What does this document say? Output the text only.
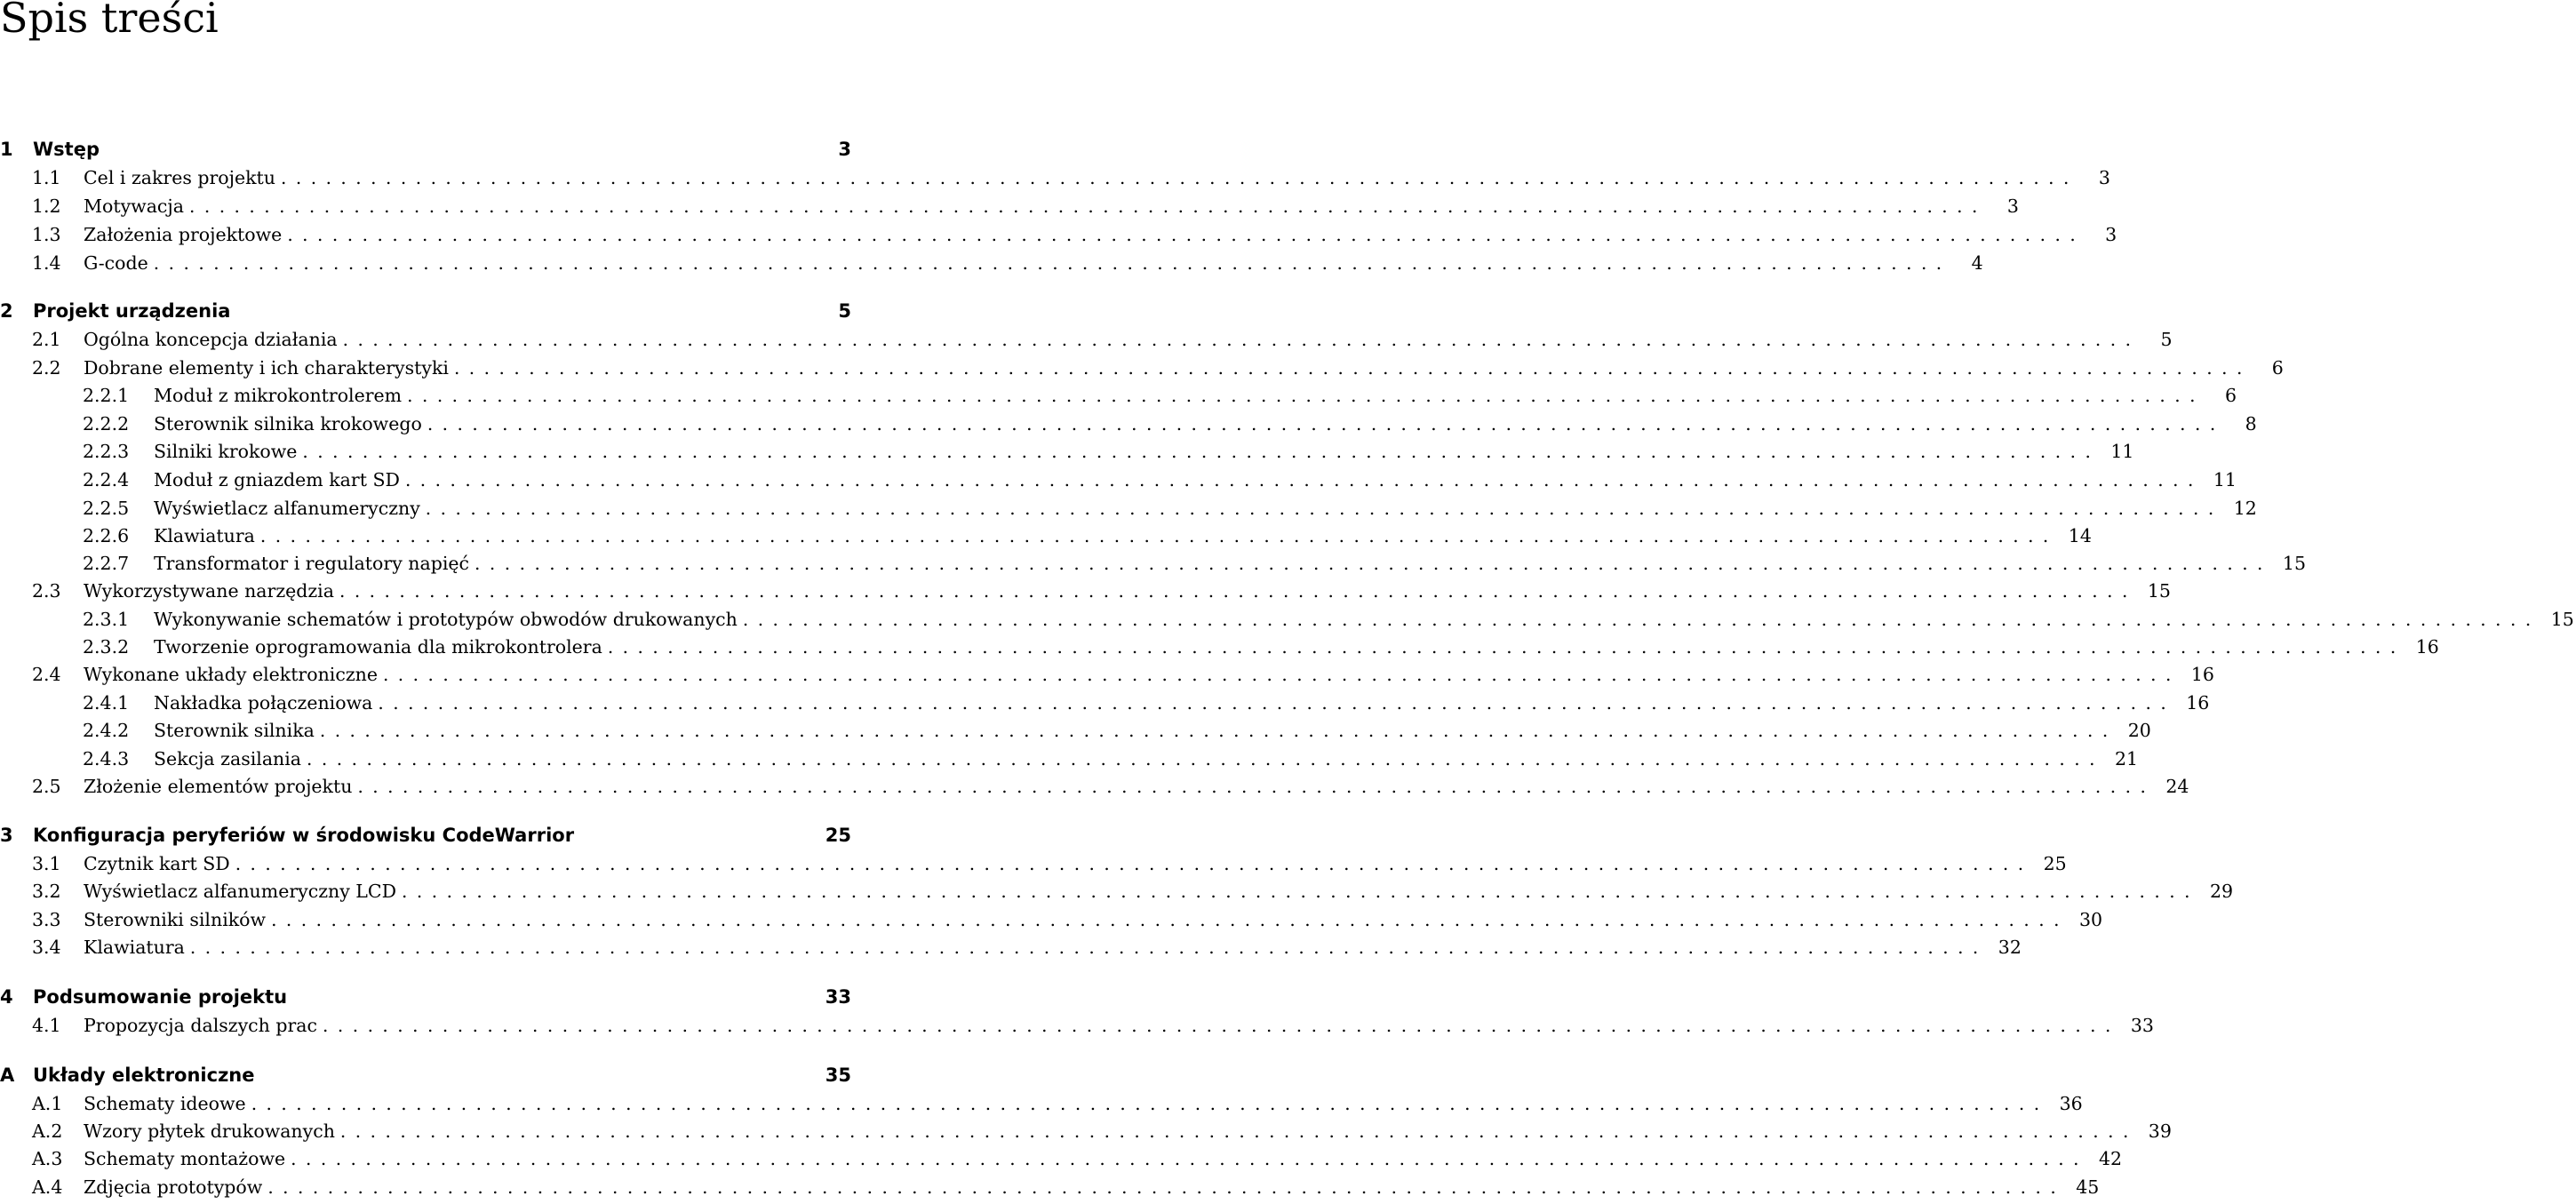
Spis treści
1	Wstęp	3
1.1	Cel i zakres projektu ........................................................................................................................	3
1.2	Motywacja ........................................................................................................................	3
1.3	Założenia projektowe ........................................................................................................................	3
1.4	G-code ........................................................................................................................	4
2	Projekt urządzenia	5
2.1	Ogólna koncepcja działania ........................................................................................................................	5
2.2	Dobrane elementy i ich charakterystyki ........................................................................................................................	6
2.2.1	Moduł z mikrokontrolerem ........................................................................................................................	6
2.2.2	Sterownik silnika krokowego ........................................................................................................................	8
2.2.3	Silniki krokowe ........................................................................................................................ 11
2.2.4	Moduł z gniazdem kart SD ........................................................................................................................ 11
2.2.5	Wyświetlacz alfanumeryczny ........................................................................................................................ 12
2.2.6	Klawiatura ........................................................................................................................ 14
2.2.7	Transformator i regulatory napięć ........................................................................................................................ 15
2.3	Wykorzystywane narzędzia ........................................................................................................................ 15
2.3.1	Wykonywanie schematów i prototypów obwodów drukowanych ........................................................................................................................ 15
2.3.2	Tworzenie oprogramowania dla mikrokontrolera ........................................................................................................................ 16
2.4	Wykonane układy elektroniczne ........................................................................................................................ 16
2.4.1	Nakładka połączeniowa ........................................................................................................................ 16
2.4.2	Sterownik silnika ........................................................................................................................ 20
2.4.3	Sekcja zasilania ........................................................................................................................ 21
2.5	Złożenie elementów projektu ........................................................................................................................ 24
3	Konfiguracja peryferiów w środowisku CodeWarrior	25
3.1	Czytnik kart SD ........................................................................................................................ 25
3.2	Wyświetlacz alfanumeryczny LCD ........................................................................................................................ 29
3.3	Sterowniki silników ........................................................................................................................ 30
3.4	Klawiatura ........................................................................................................................ 32
4	Podsumowanie projektu	33
4.1	Propozycja dalszych prac ........................................................................................................................ 33
A Układy elektroniczne	35
A.1	Schematy ideowe ........................................................................................................................ 36
A.2	Wzory płytek drukowanych ........................................................................................................................ 39
A.3	Schematy montażowe ........................................................................................................................ 42
A.4	Zdjęcia prototypów ........................................................................................................................ 45
